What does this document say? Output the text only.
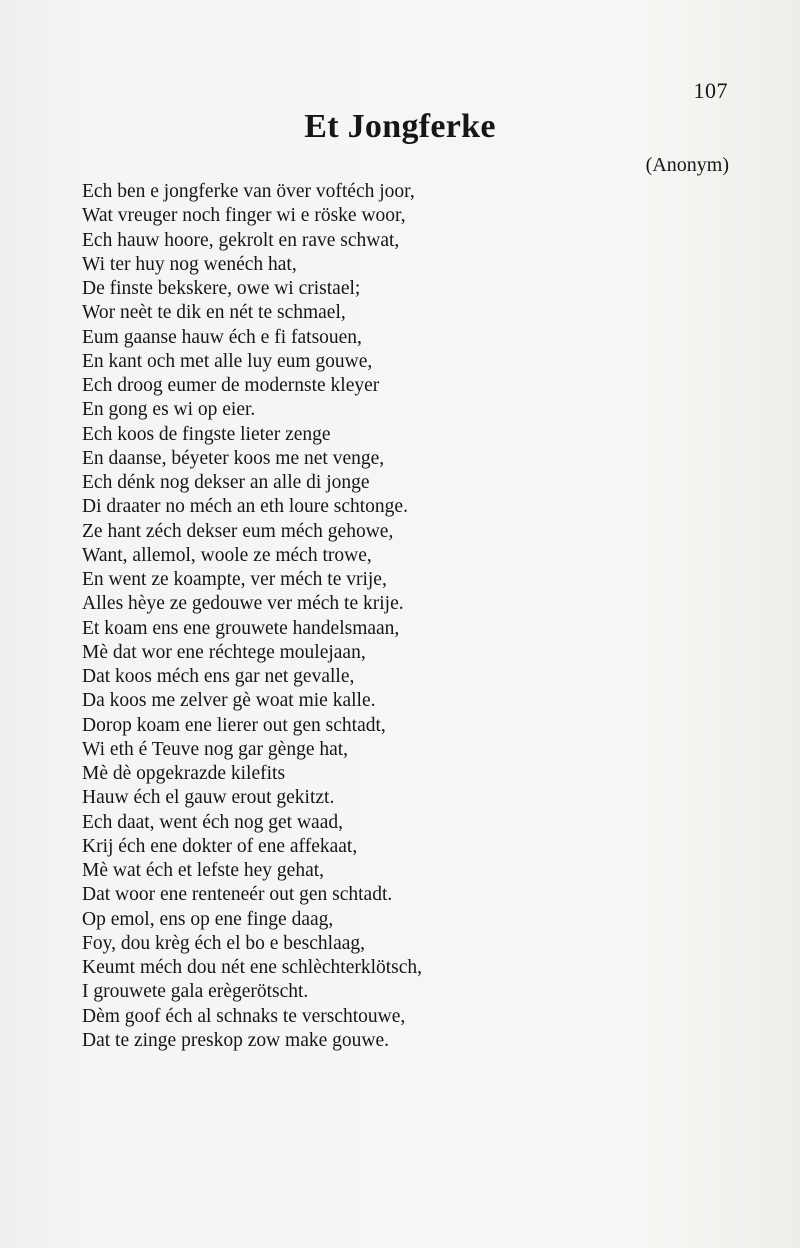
107
Et Jongferke
(Anonym)
Ech ben e jongferke van över voftéch joor,
Wat vreuger noch finger wi e röske woor,
Ech hauw hoore, gekrolt en rave schwat,
Wi ter huy nog wenéch hat,
De finste bekskere, owe wi cristael;
Wor neèt te dik en nét te schmael,
Eum gaanse hauw éch e fi fatsouen,
En kant och met alle luy eum gouwe,
Ech droog eumer de modernste kleyer
En gong es wi op eier.
Ech koos de fingste lieter zenge
En daanse, béyeter koos me net venge,
Ech dénk nog dekser an alle di jonge
Di draater no méch an eth loure schtonge.
Ze hant zéch dekser eum méch gehowe,
Want, allemol, woole ze méch trowe,
En went ze koampte, ver méch te vrije,
Alles hèye ze gedouwe ver méch te krije.
Et koam ens ene grouwete handelsmaan,
Mè dat wor ene réchtege moulejaan,
Dat koos méch ens gar net gevalle,
Da koos me zelver gè woat mie kalle.
Dorop koam ene lierer out gen schtadt,
Wi eth é Teuve nog gar gènge hat,
Mè dè opgekrazde kilefits
Hauw éch el gauw erout gekitzt.
Ech daat, went éch nog get waad,
Krij éch ene dokter of ene affekaat,
Mè wat éch et lefste hey gehat,
Dat woor ene renteneér out gen schtadt.
Op emol, ens op ene finge daag,
Foy, dou krèg éch el bo e beschlaag,
Keumt méch dou nét ene schlèchterklötsch,
I grouwete gala erègerötscht.
Dèm goof éch al schnaks te verschtouwe,
Dat te zinge preskop zow make gouwe.
